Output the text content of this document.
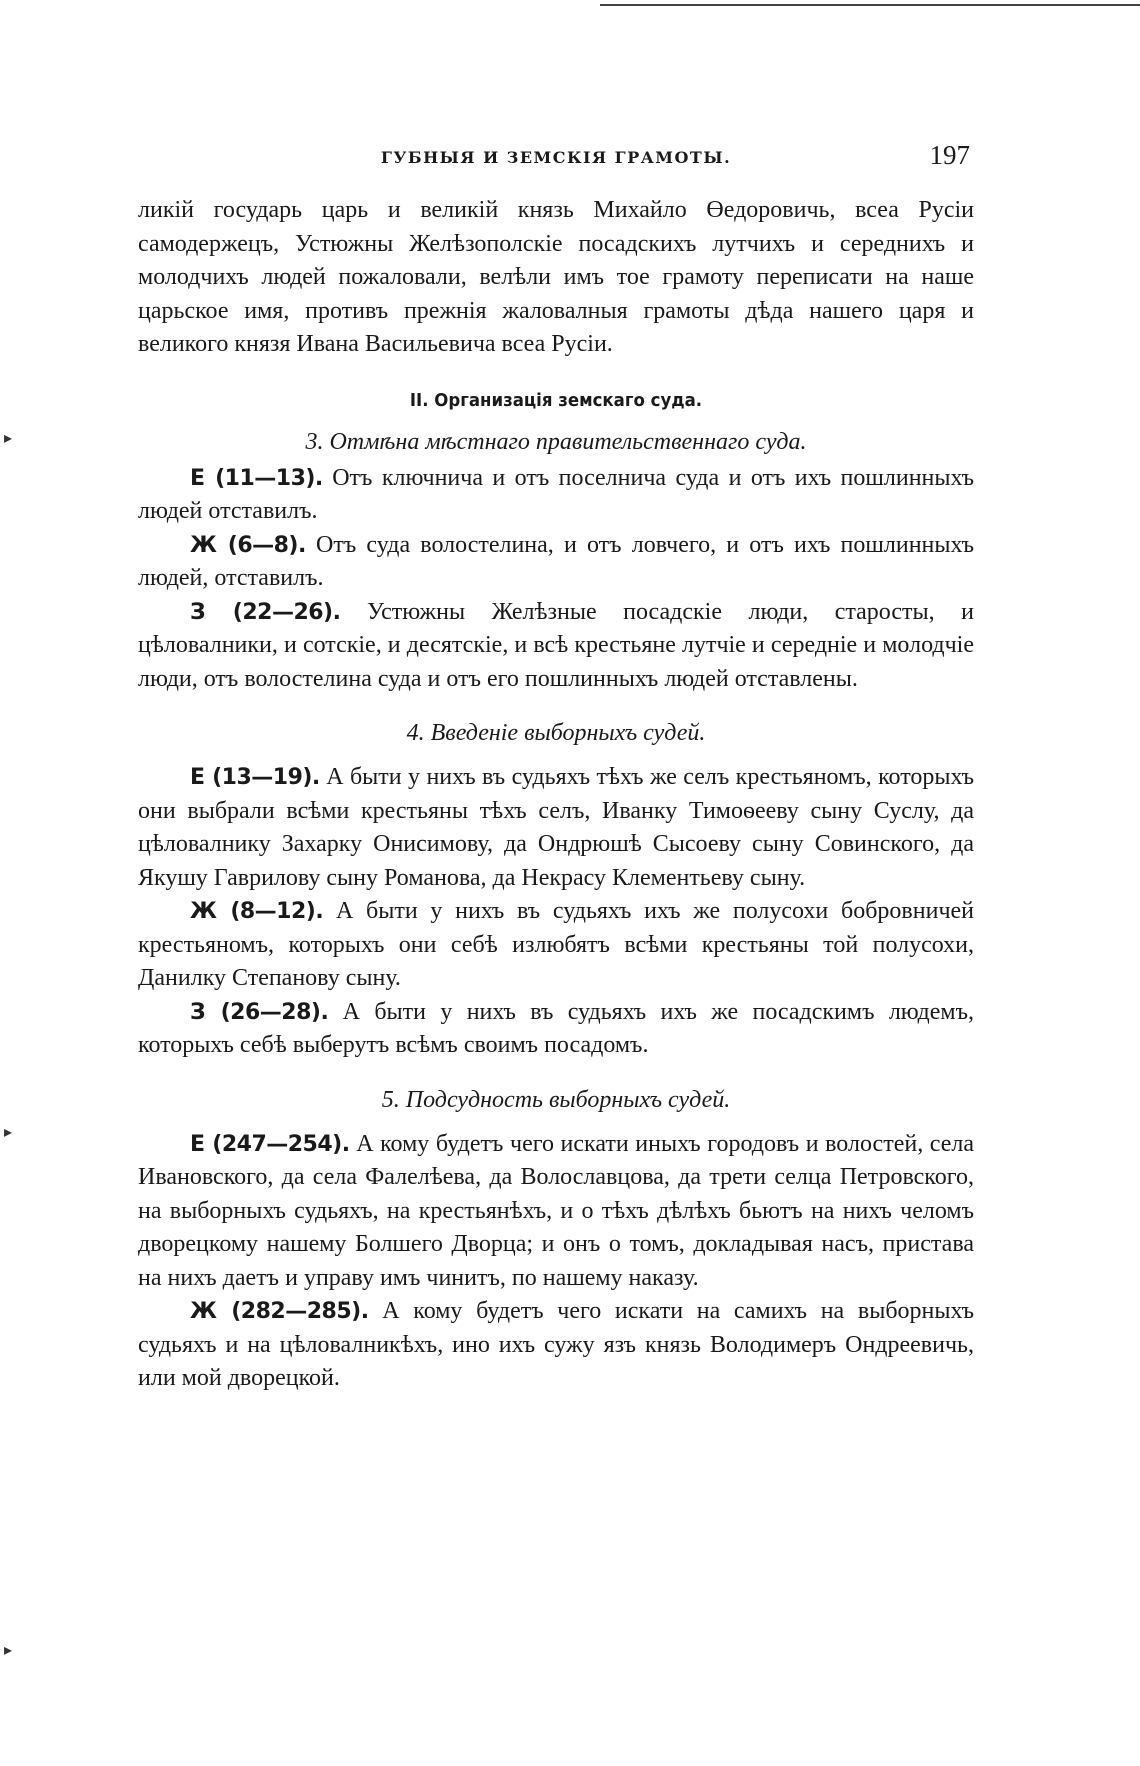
▸
▸
▸
ГУБНЫЯ И ЗЕМСКІЯ ГРАМОТЫ.	197

ликій государь царь и великій князь Михайло Өедоровичь, всеа Русіи самодержецъ, Устюжны Желѣзополскіе посадскихъ лутчихъ и середнихъ и молодчихъ людей пожаловали, велѣли имъ тое грамоту переписати на наше царьское имя, противъ прежнія жаловалныя грамоты дѣда нашего царя и великого князя Ивана Васильевича всеа Русіи.

II. Организація земскаго суда.
3. Отмѣна мѣстнаго правительственнаго суда.

Е (11—13). Отъ ключнича и отъ поселнича суда и отъ ихъ пошлинныхъ людей отставилъ.

Ж (6—8). Отъ суда волостелина, и отъ ловчего, и отъ ихъ пошлинныхъ людей, отставилъ.

З (22—26). Устюжны Желѣзные посадскіе люди, старосты, и цѣловалники, и сотскіе, и десятскіе, и всѣ крестьяне лутчіе и середніе и молодчіе люди, отъ волостелина суда и отъ его пошлинныхъ людей отставлены.

4. Введеніе выборныхъ судей.

Е (13—19). А быти у нихъ въ судьяхъ тѣхъ же селъ крестьяномъ, которыхъ они выбрали всѣми крестьяны тѣхъ селъ, Иванку Тимоѳееву сыну Суслу, да цѣловалнику Захарку Онисимову, да Ондрюшѣ Сысоеву сыну Совинского, да Якушу Гаврилову сыну Романова, да Некрасу Клементьеву сыну.

Ж (8—12). А быти у нихъ въ судьяхъ ихъ же полусохи бобровничей крестьяномъ, которыхъ они себѣ излюбятъ всѣми крестьяны той полусохи, Данилку Степанову сыну.

З (26—28). А быти у нихъ въ судьяхъ ихъ же посадскимъ людемъ, которыхъ себѣ выберутъ всѣмъ своимъ посадомъ.

5. Подсудность выборныхъ судей.

Е (247—254). А кому будетъ чего искати иныхъ городовъ и волостей, села Ивановского, да села Фалелѣева, да Волославцова, да трети селца Петровского, на выборныхъ судьяхъ, на крестьянѣхъ, и о тѣхъ дѣлѣхъ бьютъ на нихъ челомъ дворецкому нашему Болшего Дворца; и онъ о томъ, докладывая насъ, пристава на нихъ даетъ и управу имъ чинитъ, по нашему наказу.

Ж (282—285). А кому будетъ чего искати на самихъ на выборныхъ судьяхъ и на цѣловалникѣхъ, ино ихъ сужу язъ князь Володимеръ Ондреевичь, или мой дворецкой.
